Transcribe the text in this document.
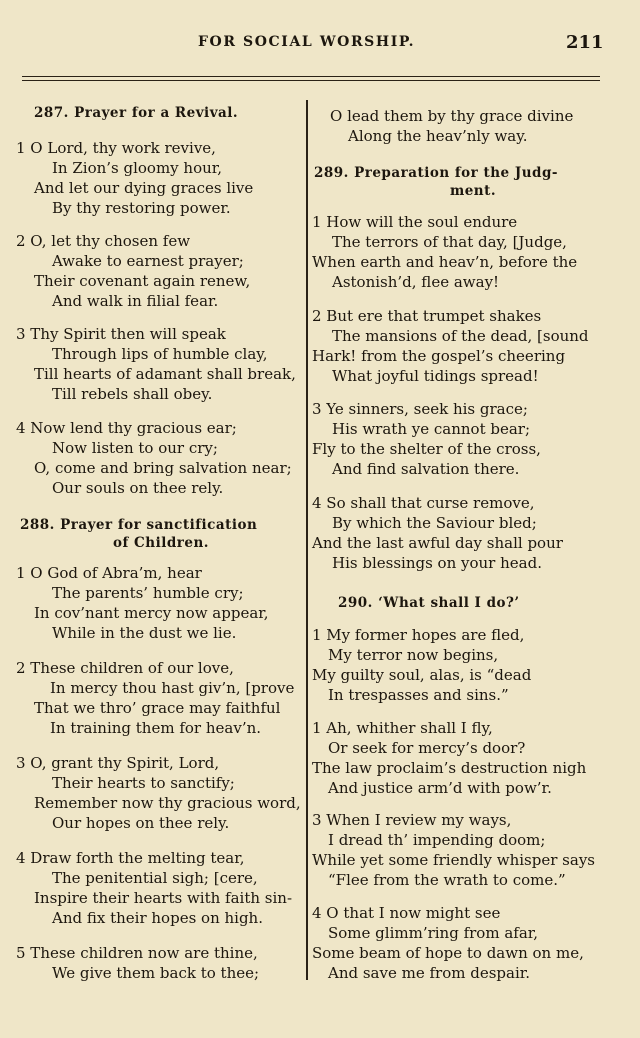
FOR SOCIAL WORSHIP.	211
287. Prayer for a Revival.
1 O Lord, thy work revive,
In Zion’s gloomy hour,
And let our dying graces live
By thy restoring power.
2 O, let thy chosen few
Awake to earnest prayer;
Their covenant again renew,
And walk in filial fear.
3 Thy Spirit then will speak
Through lips of humble clay,
Till hearts of adamant shall break,
Till rebels shall obey.
4 Now lend thy gracious ear;
Now listen to our cry;
O, come and bring salvation near;
Our souls on thee rely.
288. Prayer for sanctification
of Children.
1 O God of Abra’m, hear
The parents’ humble cry;
In cov’nant mercy now appear,
While in the dust we lie.
2 These children of our love,
In mercy thou hast giv’n, [prove
That we thro’ grace may faithful
In training them for heav’n.
3 O, grant thy Spirit, Lord,
Their hearts to sanctify;
Remember now thy gracious word,
Our hopes on thee rely.
4 Draw forth the melting tear,
The penitential sigh; [cere,
Inspire their hearts with faith sin-
And fix their hopes on high.
5 These children now are thine,
We give them back to thee;
O lead them by thy grace divine
Along the heav’nly way.
289. Preparation for the Judg-
ment.
1 How will the soul endure
The terrors of that day, [Judge,
When earth and heav’n, before the
Astonish’d, flee away!
2 But ere that trumpet shakes
The mansions of the dead, [sound
Hark! from the gospel’s cheering
What joyful tidings spread!
3 Ye sinners, seek his grace;
His wrath ye cannot bear;
Fly to the shelter of the cross,
And find salvation there.
4 So shall that curse remove,
By which the Saviour bled;
And the last awful day shall pour
His blessings on your head.
290. ‘What shall I do?’
1 My former hopes are fled,
My terror now begins,
My guilty soul, alas, is “dead
In trespasses and sins.”
1 Ah, whither shall I fly,
Or seek for mercy’s door?
The law proclaim’s destruction nigh
And justice arm’d with pow’r.
3 When I review my ways,
I dread th’ impending doom;
While yet some friendly whisper says
“Flee from the wrath to come.”
4 O that I now might see
Some glimm’ring from afar,
Some beam of hope to dawn on me,
And save me from despair.
